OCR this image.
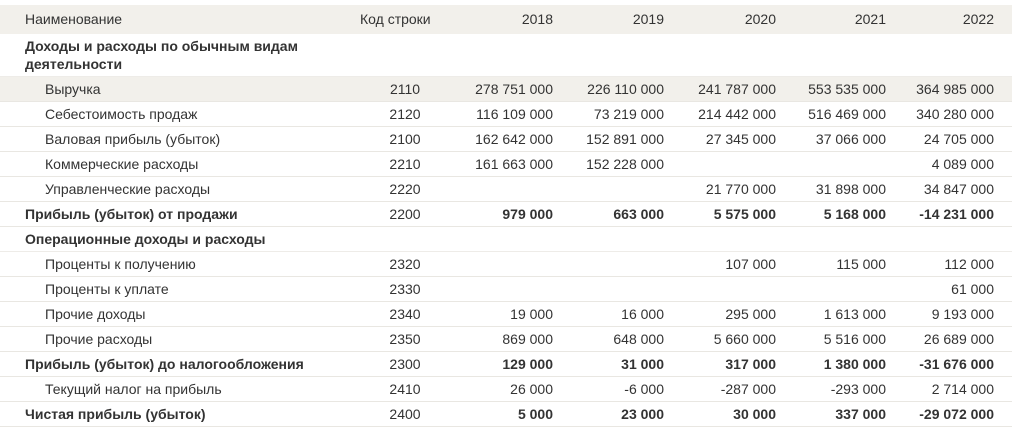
Наименование	Код строки	2018	2019	2020	2021	2022
Доходы и расходы по обычным видам деятельности						
Выручка	2110	278 751 000	226 110 000	241 787 000	553 535 000	364 985 000
Себестоимость продаж	2120	116 109 000	73 219 000	214 442 000	516 469 000	340 280 000
Валовая прибыль (убыток)	2100	162 642 000	152 891 000	27 345 000	37 066 000	24 705 000
Коммерческие расходы	2210	161 663 000	152 228 000			4 089 000
Управленческие расходы	2220			21 770 000	31 898 000	34 847 000
Прибыль (убыток) от продажи	2200	979 000	663 000	5 575 000	5 168 000	-14 231 000
Операционные доходы и расходы						
Проценты к получению	2320			107 000	115 000	112 000
Проценты к уплате	2330					61 000
Прочие доходы	2340	19 000	16 000	295 000	1 613 000	9 193 000
Прочие расходы	2350	869 000	648 000	5 660 000	5 516 000	26 689 000
Прибыль (убыток) до налогообложения	2300	129 000	31 000	317 000	1 380 000	-31 676 000
Текущий налог на прибыль	2410	26 000	-6 000	-287 000	-293 000	2 714 000
Чистая прибыль (убыток)	2400	5 000	23 000	30 000	337 000	-29 072 000
